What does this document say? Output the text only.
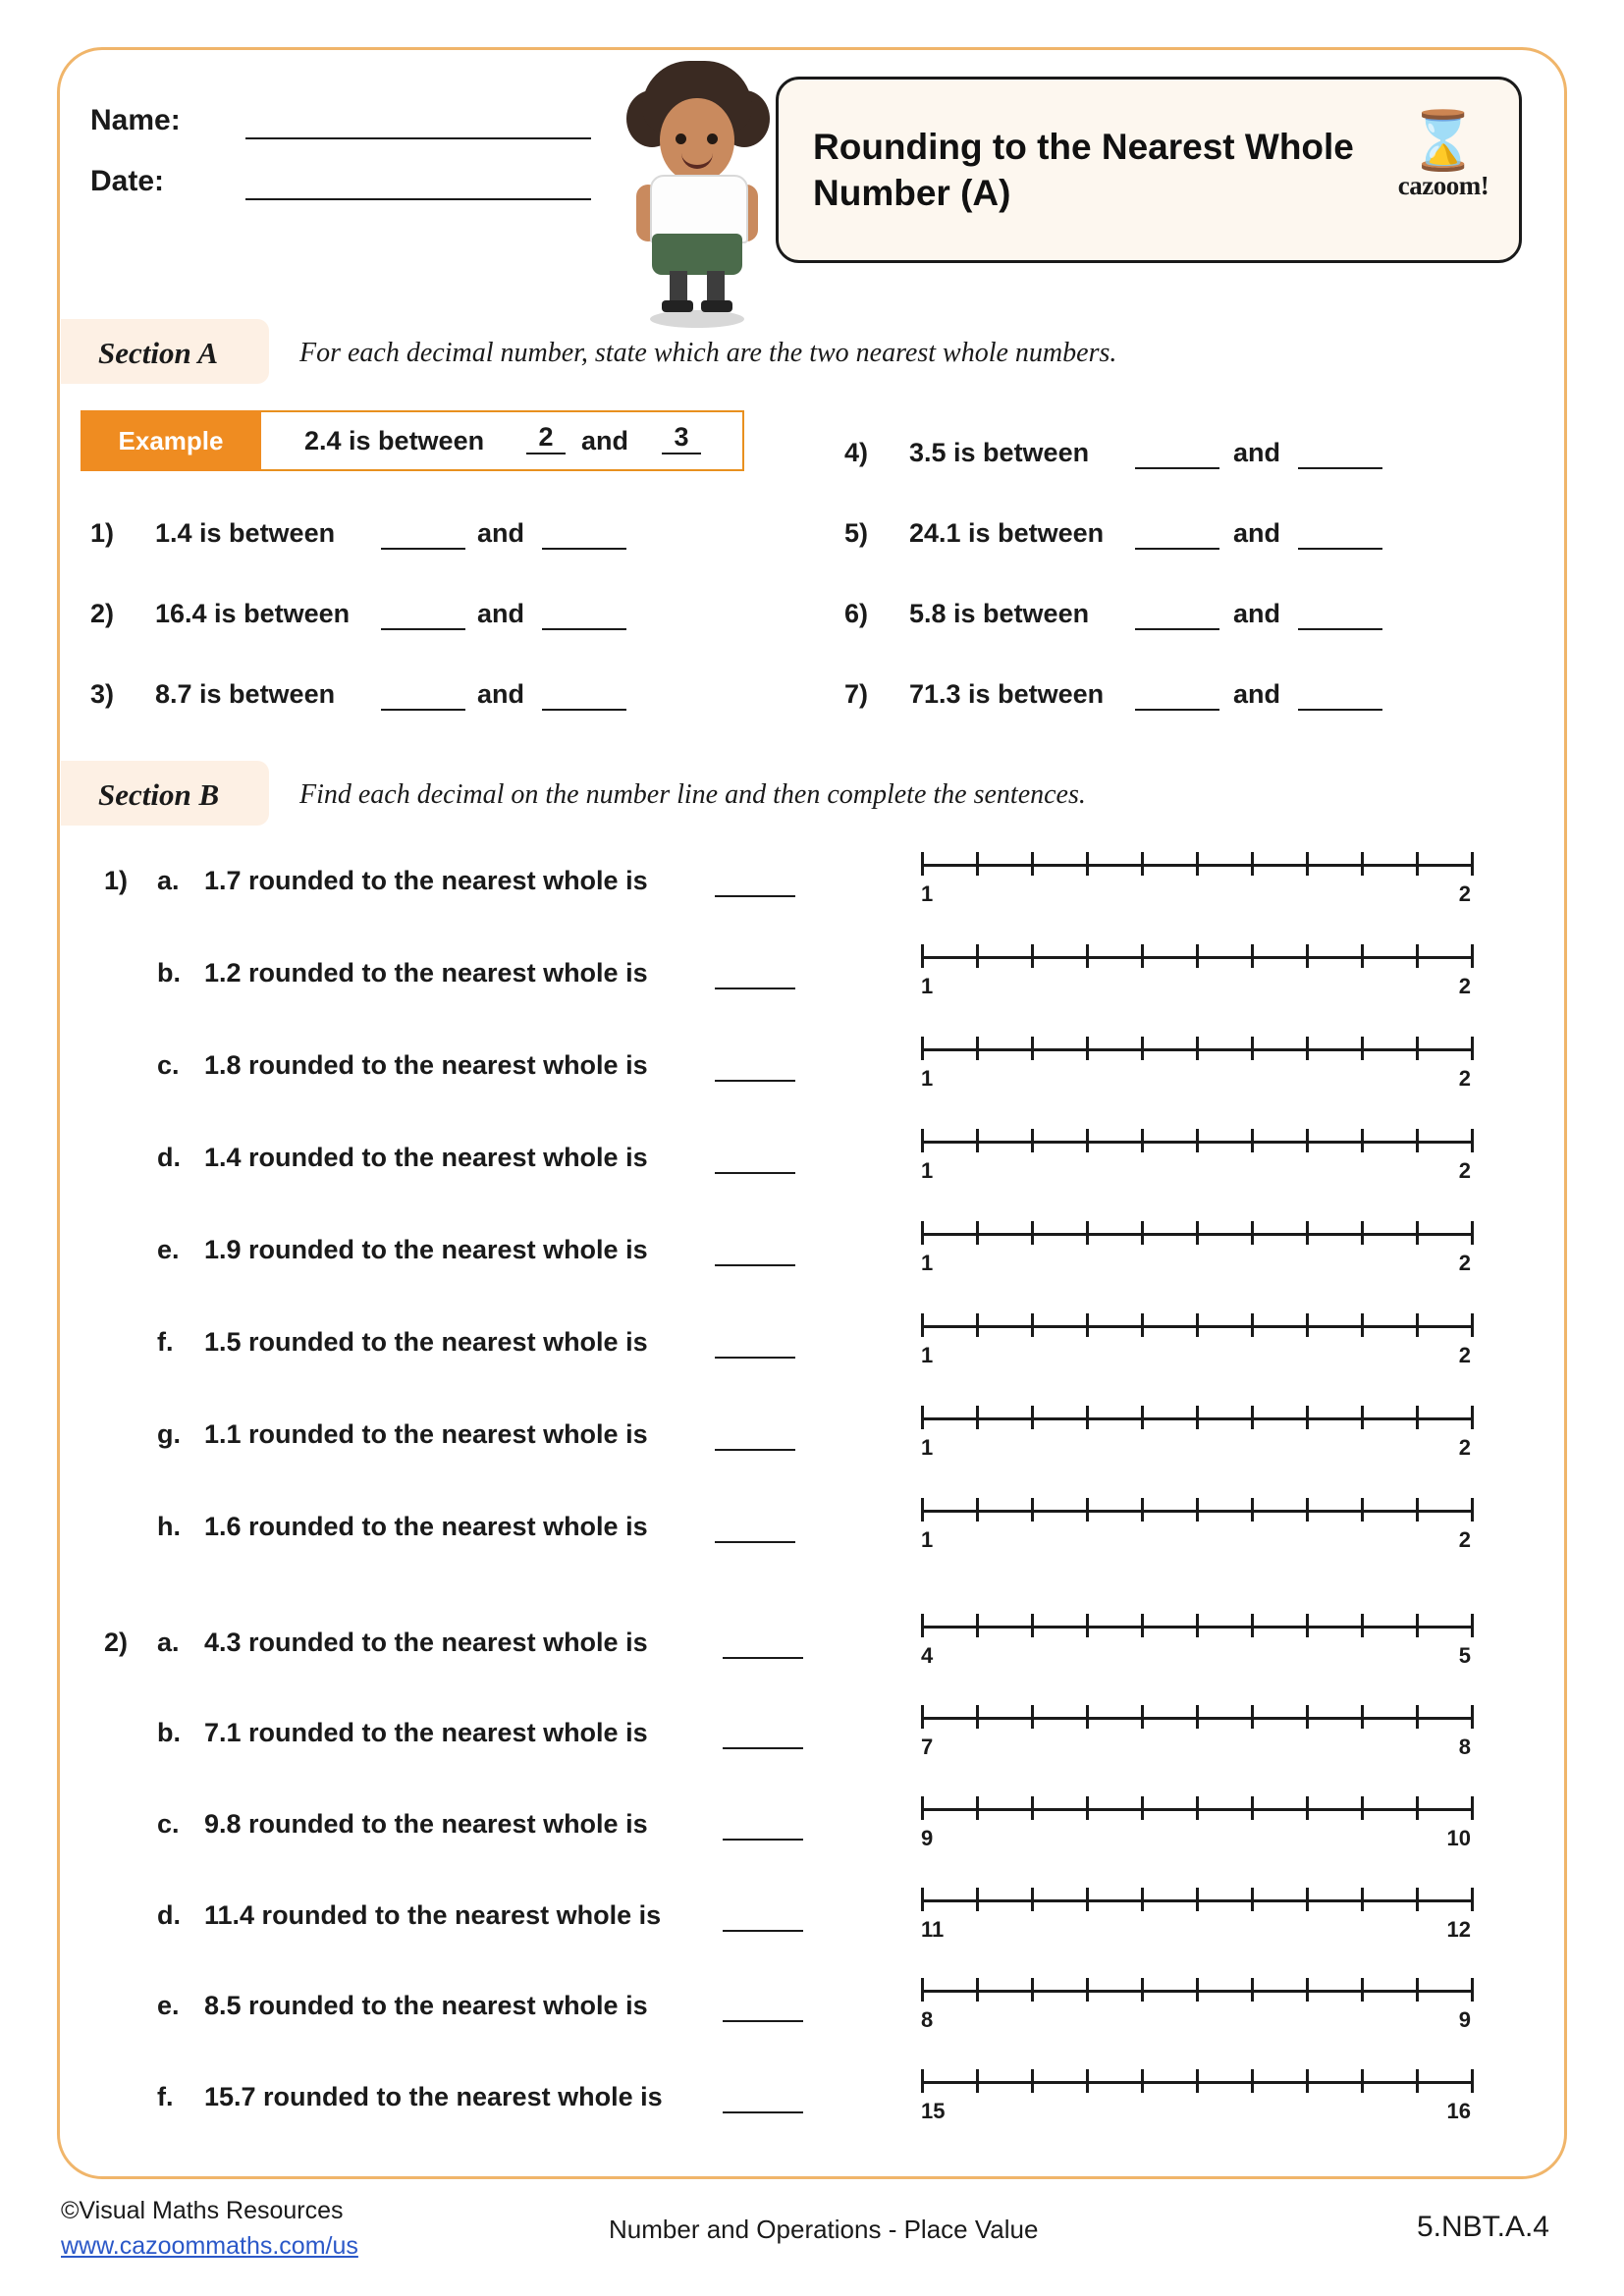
Name:
Date:
Rounding to the Nearest Whole Number (A)
⌛
cazoom!
Section A	For each decimal number, state which are the two nearest whole numbers.
Example	2.4 is between	2	and	3
1) 1.4 is between	and
2) 16.4 is between	and
3) 8.7 is between	and
4) 3.5 is between	and
5) 24.1 is between	and
6) 5.8 is between	and
7) 71.3 is between	and
Section B	Find each decimal on the number line and then complete the sentences.
1) a. 1.7 rounded to the nearest whole is
b. 1.2 rounded to the nearest whole is
c. 1.8 rounded to the nearest whole is
d. 1.4 rounded to the nearest whole is
e. 1.9 rounded to the nearest whole is
f. 1.5 rounded to the nearest whole is
g. 1.1 rounded to the nearest whole is
h. 1.6 rounded to the nearest whole is
2) a. 4.3 rounded to the nearest whole is
b. 7.1 rounded to the nearest whole is
c. 9.8 rounded to the nearest whole is
d. 11.4 rounded to the nearest whole is
e. 8.5 rounded to the nearest whole is
f. 15.7 rounded to the nearest whole is
1	2
1	2
1	2
1	2
1	2
1	2
1	2
1	2
4	5
7	8
9	10
11	12
8	9
15	16
©Visual Maths Resources
www.cazoommaths.com/us
Number and Operations - Place Value	5.NBT.A.4
